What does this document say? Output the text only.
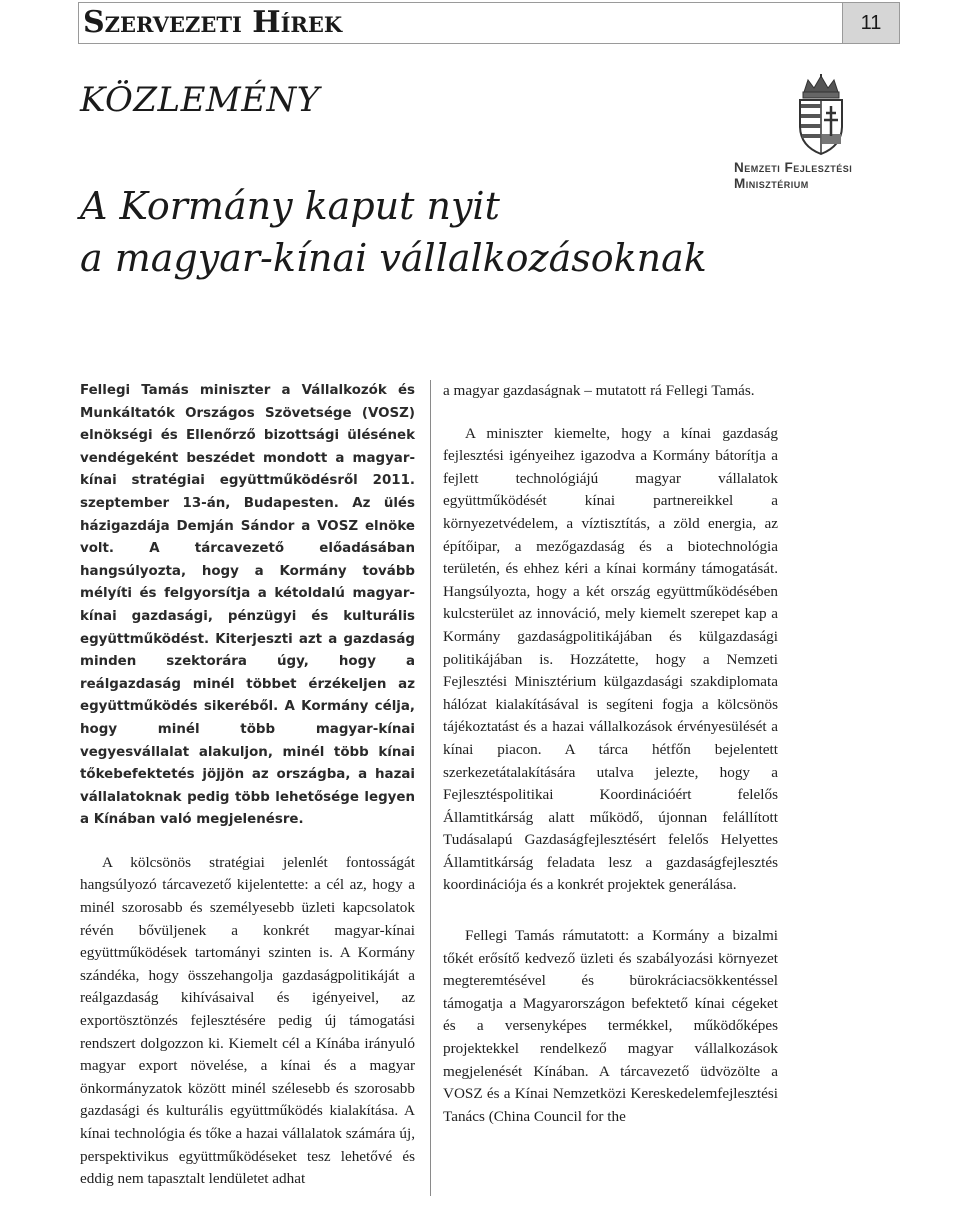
Szervezeti Hírek	11
KÖZLEMÉNY
A Kormány kaput nyit
a magyar-kínai vállalkozásoknak
Nemzeti Fejlesztési
Minisztérium

Fellegi Tamás miniszter a Vállalkozók és Munkáltatók Országos Szövetsége (VOSZ) elnökségi és Ellenőrző bizottsági ülésének vendégeként beszédet mondott a magyar-kínai stratégiai együttműködésről 2011. szeptember 13-án, Budapesten. Az ülés házigazdája Demján Sándor a VOSZ elnöke volt. A tárcavezető előadásában hangsúlyozta, hogy a Kormány tovább mélyíti és felgyorsítja a kétoldalú magyar-kínai gazdasági, pénzügyi és kulturális együttműködést. Kiterjeszti azt a gazdaság minden szektorára úgy, hogy a reálgazdaság minél többet érzékeljen az együttműködés sikeréből. A Kormány célja, hogy minél több magyar-kínai vegyesvállalat alakuljon, minél több kínai tőkebefektetés jöjjön az országba, a hazai vállalatoknak pedig több lehetősége legyen a Kínában való megjelenésre.

A kölcsönös stratégiai jelenlét fontosságát hangsúlyozó tárcavezető kijelentette: a cél az, hogy a minél szorosabb és személyesebb üzleti kapcsolatok révén bővüljenek a konkrét magyar-kínai együttműködések tartományi szinten is. A Kormány szándéka, hogy összehangolja gazdaságpolitikáját a reálgazdaság kihívásaival és igényeivel, az exportösztönzés fejlesztésére pedig új támogatási rendszert dolgozzon ki. Kiemelt cél a Kínába irányuló magyar export növelése, a kínai és a magyar önkormányzatok között minél szélesebb és szorosabb gazdasági és kulturális együttműködés kialakítása. A kínai technológia és tőke a hazai vállalatok számára új, perspektivikus együttműködéseket tesz lehetővé és eddig nem tapasztalt lendületet adhat

a magyar gazdaságnak – mutatott rá Fellegi Tamás.

A miniszter kiemelte, hogy a kínai gazdaság fejlesztési igényeihez igazodva a Kormány bátorítja a fejlett technológiájú magyar vállalatok együttműködését kínai partnereikkel a környezetvédelem, a víztisztítás, a zöld energia, az építőipar, a mezőgazdaság és a biotechnológia területén, és ehhez kéri a kínai kormány támogatását. Hangsúlyozta, hogy a két ország együttműködésében kulcsterület az innováció, mely kiemelt szerepet kap a Kormány gazdaságpolitikájában és külgazdasági politikájában is. Hozzátette, hogy a Nemzeti Fejlesztési Minisztérium külgazdasági szakdiplomata hálózat kialakításával is segíteni fogja a kölcsönös tájékoztatást és a hazai vállalkozások érvényesülését a kínai piacon. A tárca hétfőn bejelentett szerkezetátalakítására utalva jelezte, hogy a Fejlesztéspolitikai Koordinációért felelős Államtitkárság alatt működő, újonnan felállított Tudásalapú Gazdaságfejlesztésért felelős Helyettes Államtitkárság feladata lesz a gazdaságfejlesztés koordinációja és a konkrét projektek generálása.

Fellegi Tamás rámutatott: a Kormány a bizalmi tőkét erősítő kedvező üzleti és szabályozási környezet megteremtésével és bürokráciacsökkentéssel támogatja a Magyarországon befektető kínai cégeket és a versenyképes termékkel, működőképes projektekkel rendelkező magyar vállalkozások megjelenését Kínában. A tárcavezető üdvözölte a VOSZ és a Kínai Nemzetközi Kereskedelemfejlesztési Tanács (China Council for the
